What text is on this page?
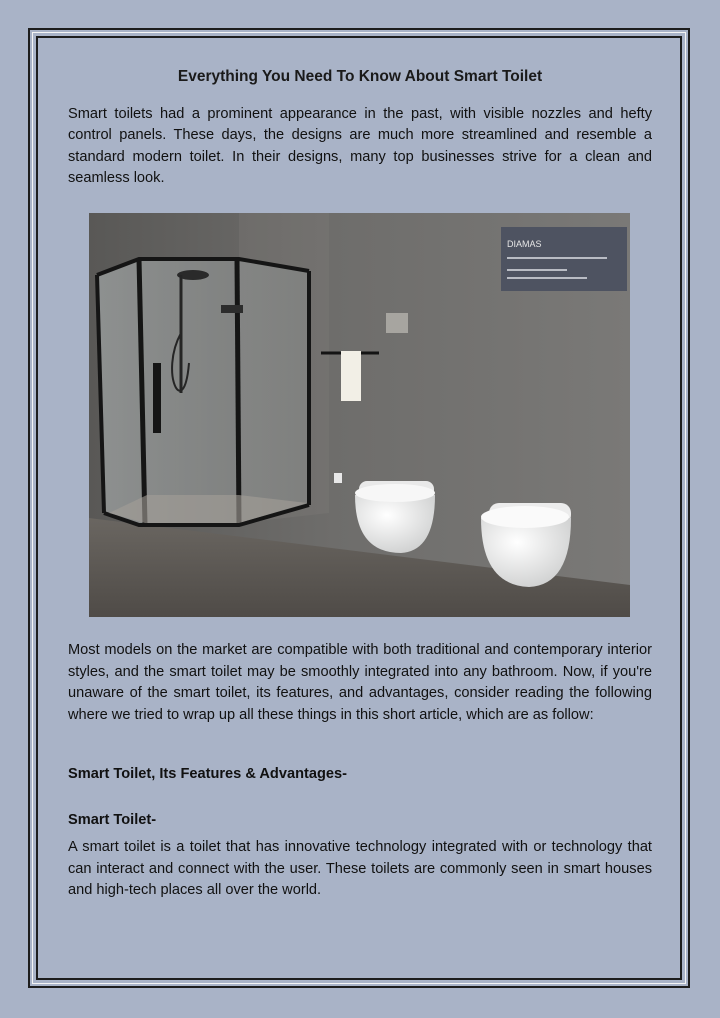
Everything You Need To Know About Smart Toilet

Smart toilets had a prominent appearance in the past, with visible nozzles and hefty control panels. These days, the designs are much more streamlined and resemble a standard modern toilet. In their designs, many top businesses strive for a clean and seamless look.

DIAMAS

Most models on the market are compatible with both traditional and contemporary interior styles, and the smart toilet may be smoothly integrated into any bathroom. Now, if you're unaware of the smart toilet, its features, and advantages, consider reading the following where we tried to wrap up all these things in this short article, which are as follow:

Smart Toilet, Its Features & Advantages-
Smart Toilet-

A smart toilet is a toilet that has innovative technology integrated with or technology that can interact and connect with the user. These toilets are commonly seen in smart houses and high-tech places all over the world.
